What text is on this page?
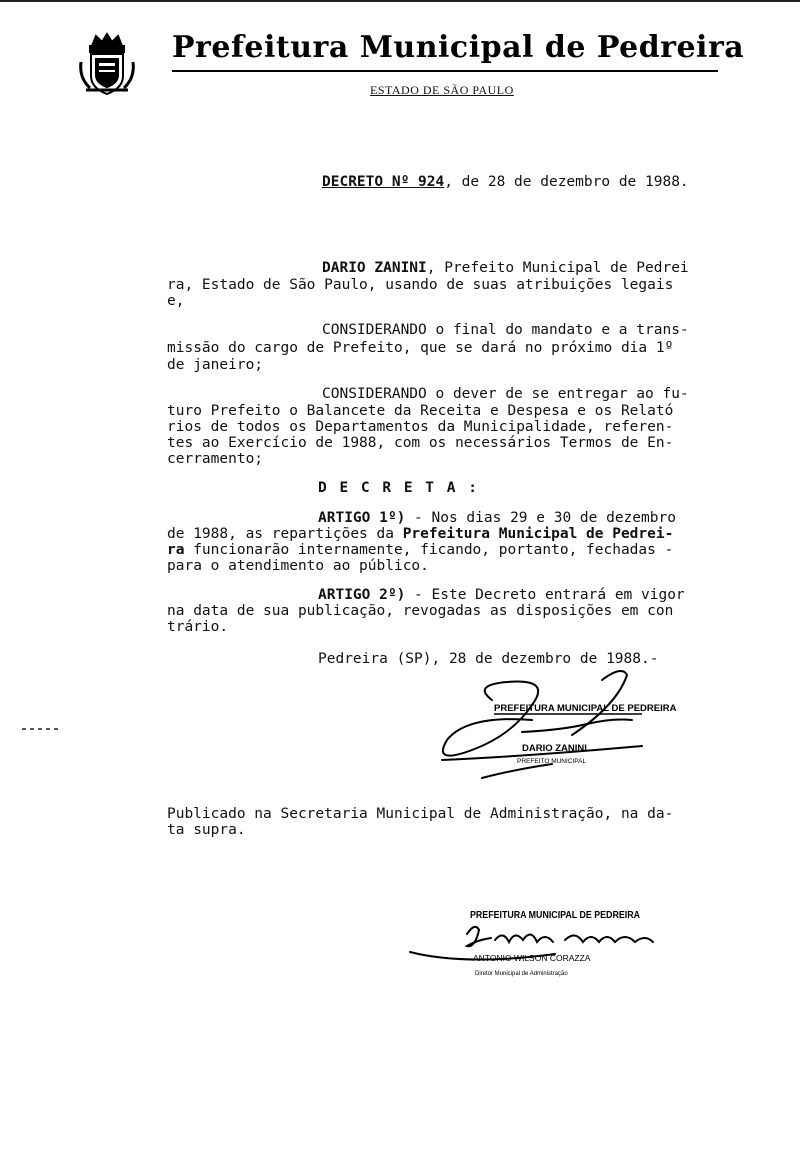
Prefeitura Municipal de Pedreira
ESTADO DE SÃO PAULO
DECRETO Nº 924, de 28 de dezembro de 1988.
DARIO ZANINI, Prefeito Municipal de Pedrei
ra, Estado de São Paulo, usando de suas atribuições legais
e,
CONSIDERANDO o final do mandato e a trans-
missão do cargo de Prefeito, que se dará no próximo dia 1º
de janeiro;
CONSIDERANDO o dever de se entregar ao fu-
turo Prefeito o Balancete da Receita e Despesa e os Relató
rios de todos os Departamentos da Municipalidade, referen-
tes ao Exercício de 1988, com os necessários Termos de En-
cerramento;
D E C R E T A :
ARTIGO 1º) - Nos dias 29 e 30 de dezembro
de 1988, as repartições da Prefeitura Municipal de Pedrei-
ra funcionarão internamente, ficando, portanto, fechadas -
para o atendimento ao público.
ARTIGO 2º) - Este Decreto entrará em vigor
na data de sua publicação, revogadas as disposições em con
trário.
Pedreira (SP), 28 de dezembro de 1988.-
PREFEITURA MUNICIPAL DE PEDREIRA
DARIO ZANINI
PREFEITO MUNICIPAL
Publicado na Secretaria Municipal de Administração, na da-
ta supra.
PREFEITURA MUNICIPAL DE PEDREIRA
ANTONIO WILSON CORAZZA
Diretor Municipal de Administração
